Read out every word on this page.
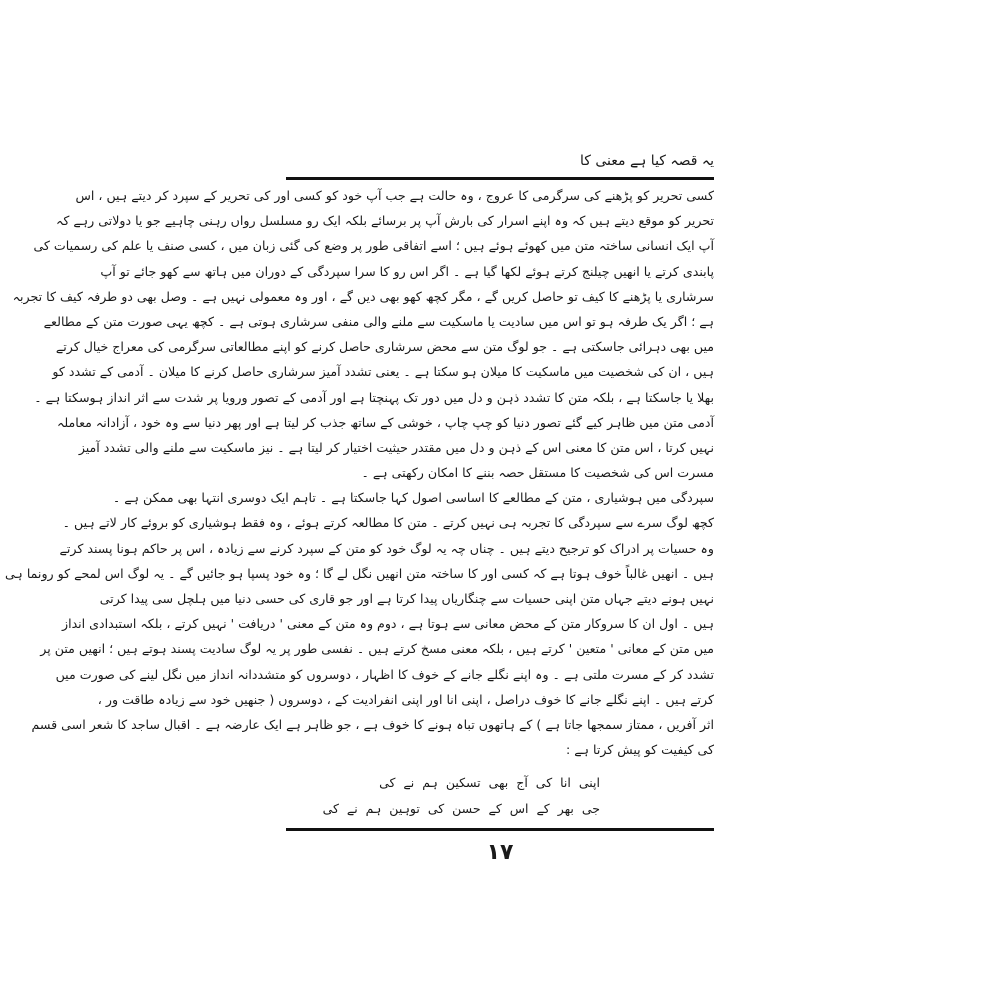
یہ قصہ کیا ہے معنی کا
کسی تحریر کو پڑھنے کی سرگرمی کا عروج ، وہ حالت ہے جب آپ خود کو کسی اور کی تحریر کے سپرد کر دیتے ہیں ، اس
تحریر کو موقع دیتے ہیں کہ وہ اپنے اسرار کی بارش آپ پر برسائے بلکہ ایک رو مسلسل رواں رہنی چاہیے جو یا دولاتی رہے کہ
آپ ایک انسانی ساختہ متن میں کھوئے ہوئے ہیں ؛ اسے اتفاقی طور پر وضع کی گئی زبان میں ، کسی صنف یا علم کی رسمیات کی
پابندی کرتے یا انھیں چیلنج کرتے ہوئے لکھا گیا ہے ۔ اگر اس رو کا سرا سپردگی کے دوران میں ہاتھ سے کھو جائے تو آپ
سرشاری یا پڑھنے کا کیف تو حاصل کریں گے ، مگر کچھ کھو بھی دیں گے ، اور وہ معمولی نہیں ہے ۔ وصل بھی دو طرفہ کیف کا تجربہ
ہے ؛ اگر یک طرفہ ہو تو اس میں سادیت یا ماسکیت سے ملنے والی منفی سرشاری ہوتی ہے ۔ کچھ یہی صورت متن کے مطالعے
میں بھی دہرائی جاسکتی ہے ۔ جو لوگ متن سے محض سرشاری حاصل کرنے کو اپنے مطالعاتی سرگرمی کی معراج خیال کرتے
ہیں ، ان کی شخصیت میں ماسکیت کا میلان ہو سکتا ہے ۔ یعنی تشدد آمیز سرشاری حاصل کرنے کا میلان ۔ آدمی کے تشدد کو
بھلا یا جاسکتا ہے ، بلکہ متن کا تشدد ذہن و دل میں دور تک پہنچتا ہے اور آدمی کے تصور ورویا پر شدت سے اثر انداز ہوسکتا ہے ۔
آدمی متن میں ظاہر کیے گئے تصور دنیا کو چپ چاپ ، خوشی کے ساتھ جذب کر لیتا ہے اور پھر دنیا سے وہ خود ، آزادانہ معاملہ
نہیں کرتا ، اس متن کا معنی اس کے ذہن و دل میں مقتدر حیثیت اختیار کر لیتا ہے ۔ نیز ماسکیت سے ملنے والی تشدد آمیز
مسرت اس کی شخصیت کا مستقل حصہ بننے کا امکان رکھتی ہے ۔
سپردگی میں ہوشیاری ، متن کے مطالعے کا اساسی اصول کہا جاسکتا ہے ۔ تاہم ایک دوسری انتہا بھی ممکن ہے ۔
کچھ لوگ سرے سے سپردگی کا تجربہ ہی نہیں کرتے ۔ متن کا مطالعہ کرتے ہوئے ، وہ فقط ہوشیاری کو بروئے کار لاتے ہیں ۔
وہ حسیات پر ادراک کو ترجیح دیتے ہیں ۔ چناں چہ یہ لوگ خود کو متن کے سپرد کرنے سے زیادہ ، اس پر حاکم ہونا پسند کرتے
ہیں ۔ انھیں غالباً خوف ہوتا ہے کہ کسی اور کا ساختہ متن انھیں نگل لے گا ؛ وہ خود پسپا ہو جائیں گے ۔ یہ لوگ اس لمحے کو رونما ہی
نہیں ہونے دیتے جہاں متن اپنی حسیات سے چنگاریاں پیدا کرتا ہے اور جو قاری کی حسی دنیا میں ہلچل سی پیدا کرتی
ہیں ۔ اول ان کا سروکار متن کے محض معانی سے ہوتا ہے ، دوم وہ متن کے معنی ' دریافت ' نہیں کرتے ، بلکہ استبدادی انداز
میں متن کے معانی ' متعین ' کرتے ہیں ، بلکہ معنی مسخ کرتے ہیں ۔ نفسی طور پر یہ لوگ سادیت پسند ہوتے ہیں ؛ انھیں متن پر
تشدد کر کے مسرت ملتی ہے ۔ وہ اپنے نگلے جانے کے خوف کا اظہار ، دوسروں کو متشددانہ انداز میں نگل لینے کی صورت میں
کرتے ہیں ۔ اپنے نگلے جانے کا خوف دراصل ، اپنی انا اور اپنی انفرادیت کے ، دوسروں ( جنھیں خود سے زیادہ طاقت ور ،
اثر آفریں ، ممتاز سمجھا جاتا ہے ) کے ہاتھوں تباہ ہونے کا خوف ہے ، جو ظاہر ہے ایک عارضہ ہے ۔ اقبال ساجد کا شعر اسی قسم
کی کیفیت کو پیش کرتا ہے :
اپنی انا کی آج بھی تسکین ہم نے کی
جی بھر کے اس کے حسن کی توہین ہم نے کی
۱۷
